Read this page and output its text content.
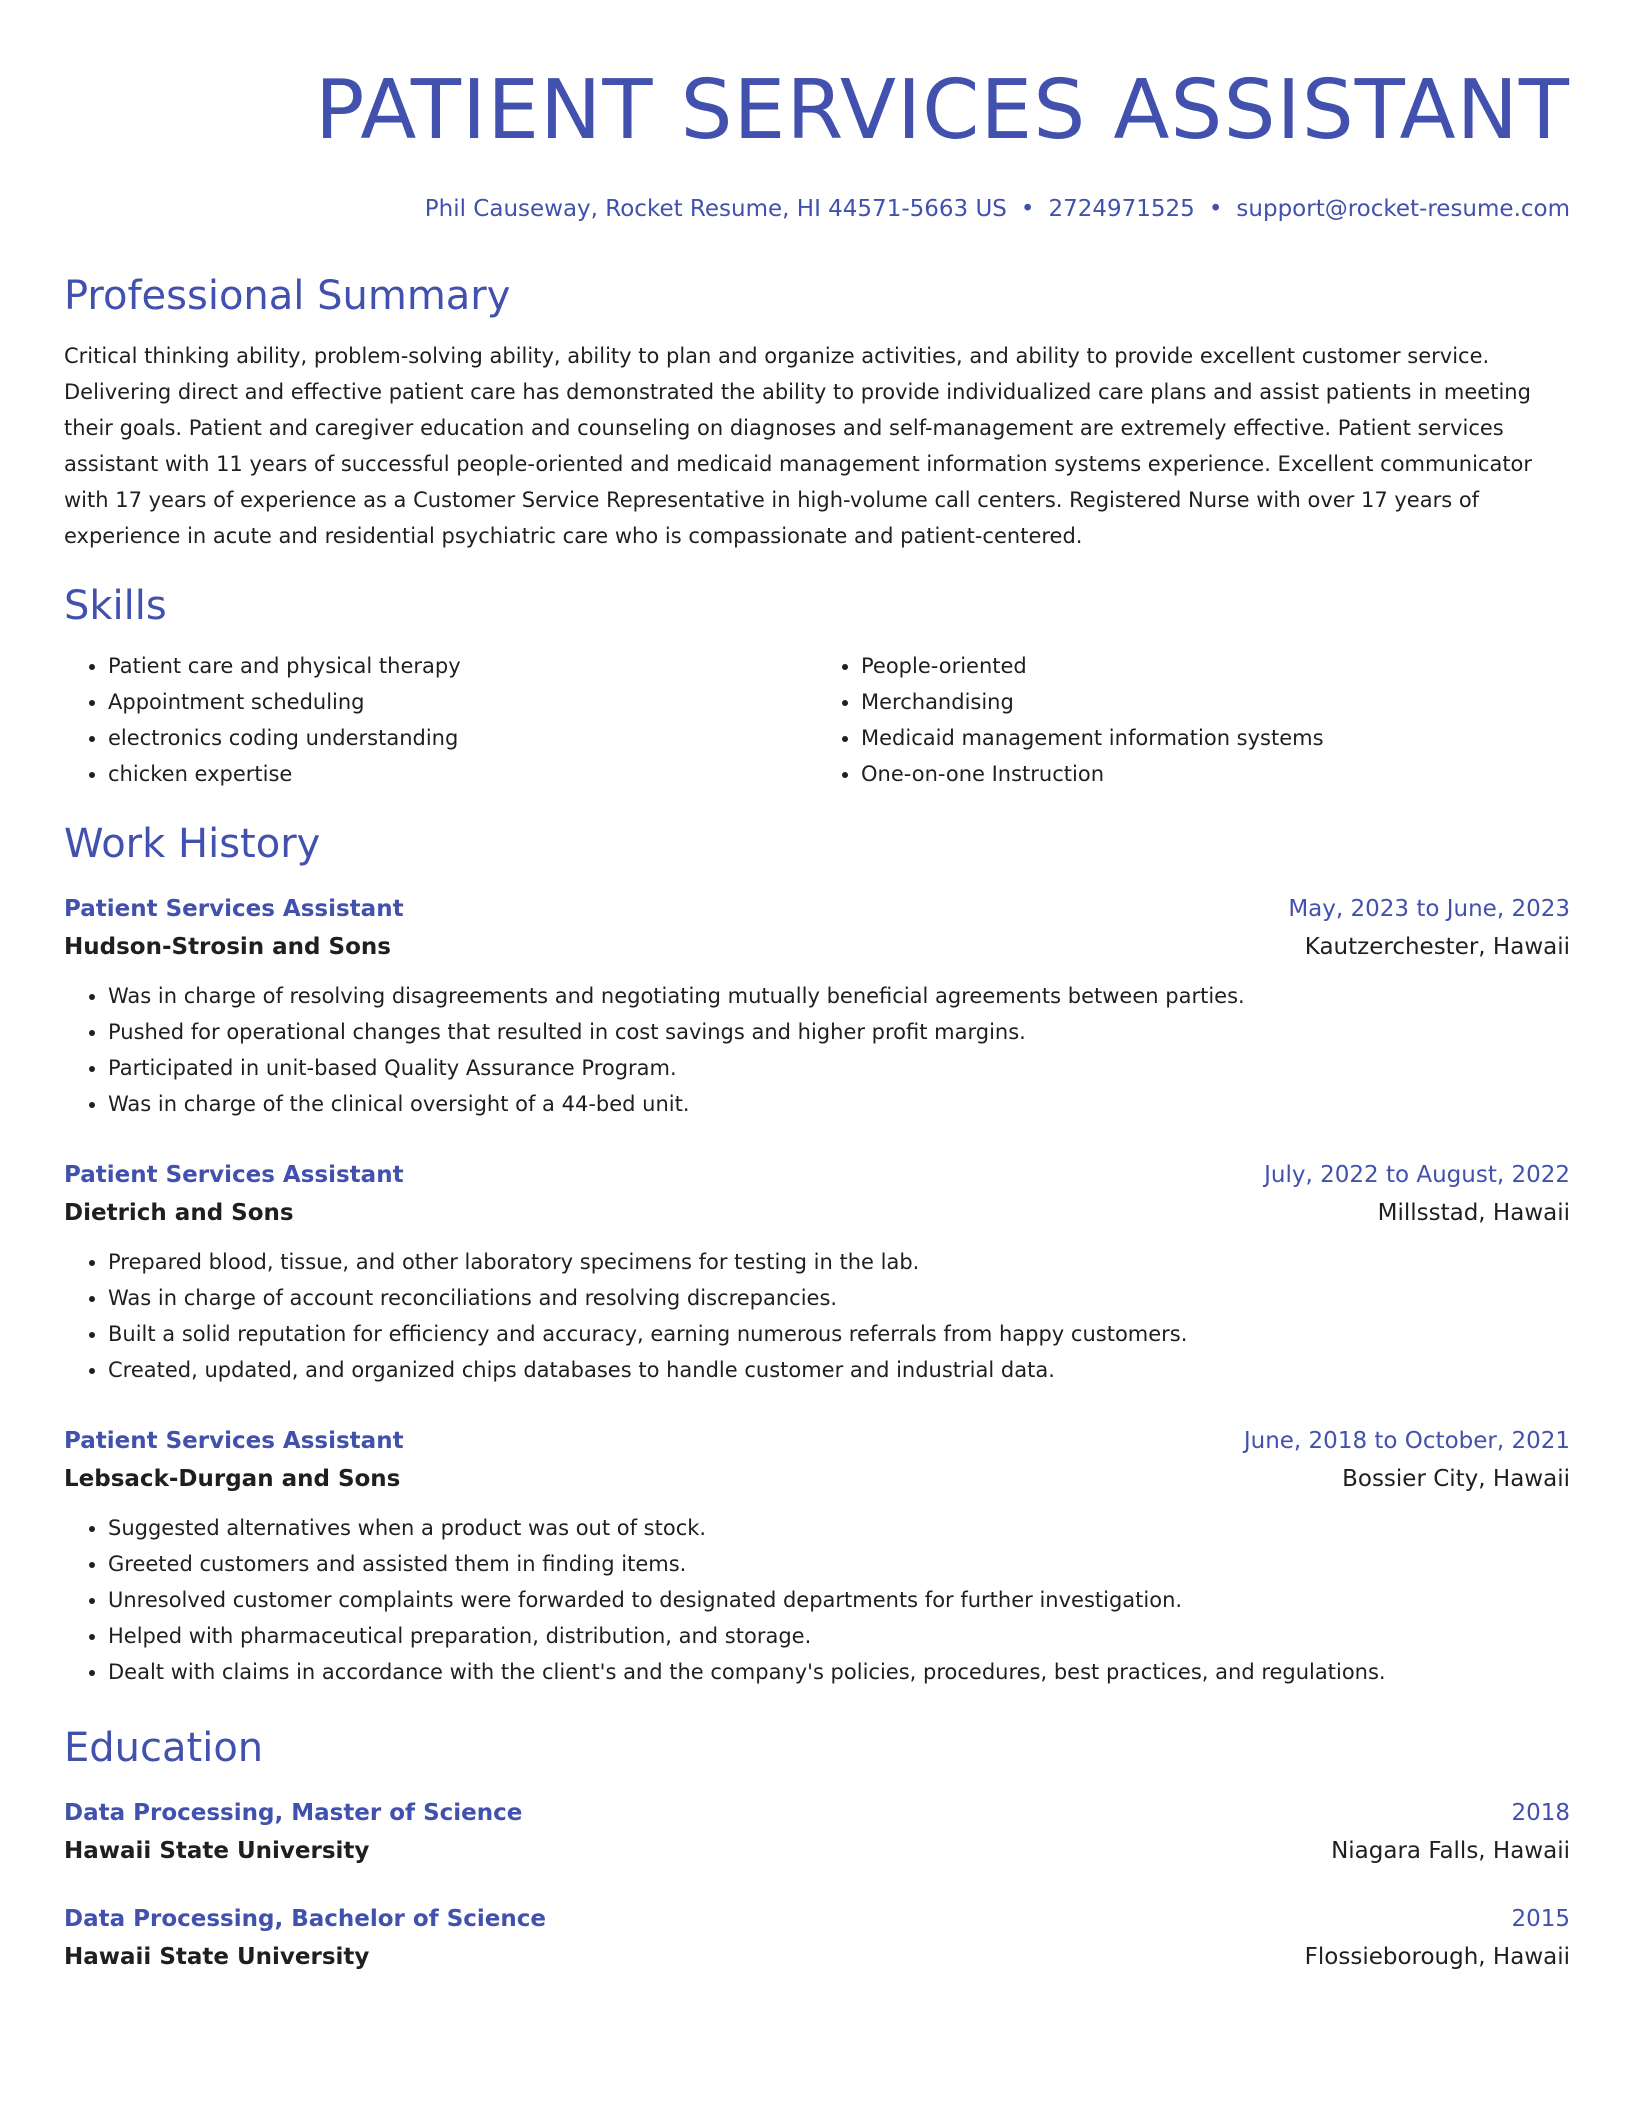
PATIENT SERVICES ASSISTANT
Phil Causeway, Rocket Resume, HI 44571-5663 US • 2724971525 • support@rocket-resume.com
Professional Summary
Critical thinking ability, problem-solving ability, ability to plan and organize activities, and ability to provide excellent customer service. Delivering direct and effective patient care has demonstrated the ability to provide individualized care plans and assist patients in meeting their goals. Patient and caregiver education and counseling on diagnoses and self-management are extremely effective. Patient services assistant with 11 years of successful people-oriented and medicaid management information systems experience. Excellent communicator with 17 years of experience as a Customer Service Representative in high-volume call centers. Registered Nurse with over 17 years of experience in acute and residential psychiatric care who is compassionate and patient-centered.
Skills
• Patient care and physical therapy
• Appointment scheduling
• electronics coding understanding
• chicken expertise
• People-oriented
• Merchandising
• Medicaid management information systems
• One-on-one Instruction
Work History
Patient Services Assistant	May, 2023 to June, 2023
Hudson-Strosin and Sons	Kautzerchester, Hawaii
• Was in charge of resolving disagreements and negotiating mutually beneficial agreements between parties.
• Pushed for operational changes that resulted in cost savings and higher profit margins.
• Participated in unit-based Quality Assurance Program.
• Was in charge of the clinical oversight of a 44-bed unit.
Patient Services Assistant	July, 2022 to August, 2022
Dietrich and Sons	Millsstad, Hawaii
• Prepared blood, tissue, and other laboratory specimens for testing in the lab.
• Was in charge of account reconciliations and resolving discrepancies.
• Built a solid reputation for efficiency and accuracy, earning numerous referrals from happy customers.
• Created, updated, and organized chips databases to handle customer and industrial data.
Patient Services Assistant	June, 2018 to October, 2021
Lebsack-Durgan and Sons	Bossier City, Hawaii
• Suggested alternatives when a product was out of stock.
• Greeted customers and assisted them in finding items.
• Unresolved customer complaints were forwarded to designated departments for further investigation.
• Helped with pharmaceutical preparation, distribution, and storage.
• Dealt with claims in accordance with the client's and the company's policies, procedures, best practices, and regulations.
Education
Data Processing, Master of Science	2018
Hawaii State University	Niagara Falls, Hawaii
Data Processing, Bachelor of Science	2015
Hawaii State University	Flossieborough, Hawaii
